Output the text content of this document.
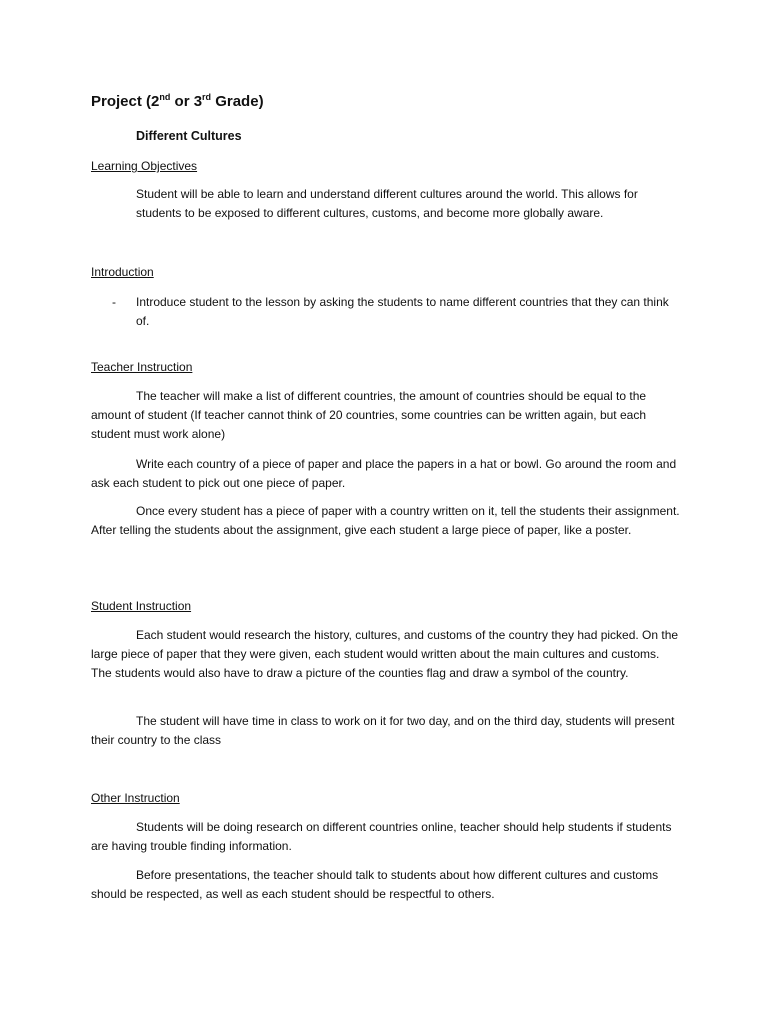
Project (2nd or 3rd Grade)
Different Cultures
Learning Objectives

Student will be able to learn and understand different cultures around the world. This allows for students to be exposed to different cultures, customs, and become more globally aware.

Introduction
-	Introduce student to the lesson by asking the students to name different countries that they can think of.
Teacher Instruction

The teacher will make a list of different countries, the amount of countries should be equal to the amount of student (If teacher cannot think of 20 countries, some countries can be written again, but each student must work alone)

Write each country of a piece of paper and place the papers in a hat or bowl. Go around the room and ask each student to pick out one piece of paper.

Once every student has a piece of paper with a country written on it, tell the students their assignment. After telling the students about the assignment, give each student a large piece of paper, like a poster.

Student Instruction

Each student would research the history, cultures, and customs of the country they had picked. On the large piece of paper that they were given, each student would written about the main cultures and customs. The students would also have to draw a picture of the counties flag and draw a symbol of the country.

The student will have time in class to work on it for two day, and on the third day, students will present their country to the class

Other Instruction

Students will be doing research on different countries online, teacher should help students if students are having trouble finding information.

Before presentations, the teacher should talk to students about how different cultures and customs should be respected, as well as each student should be respectful to others.
